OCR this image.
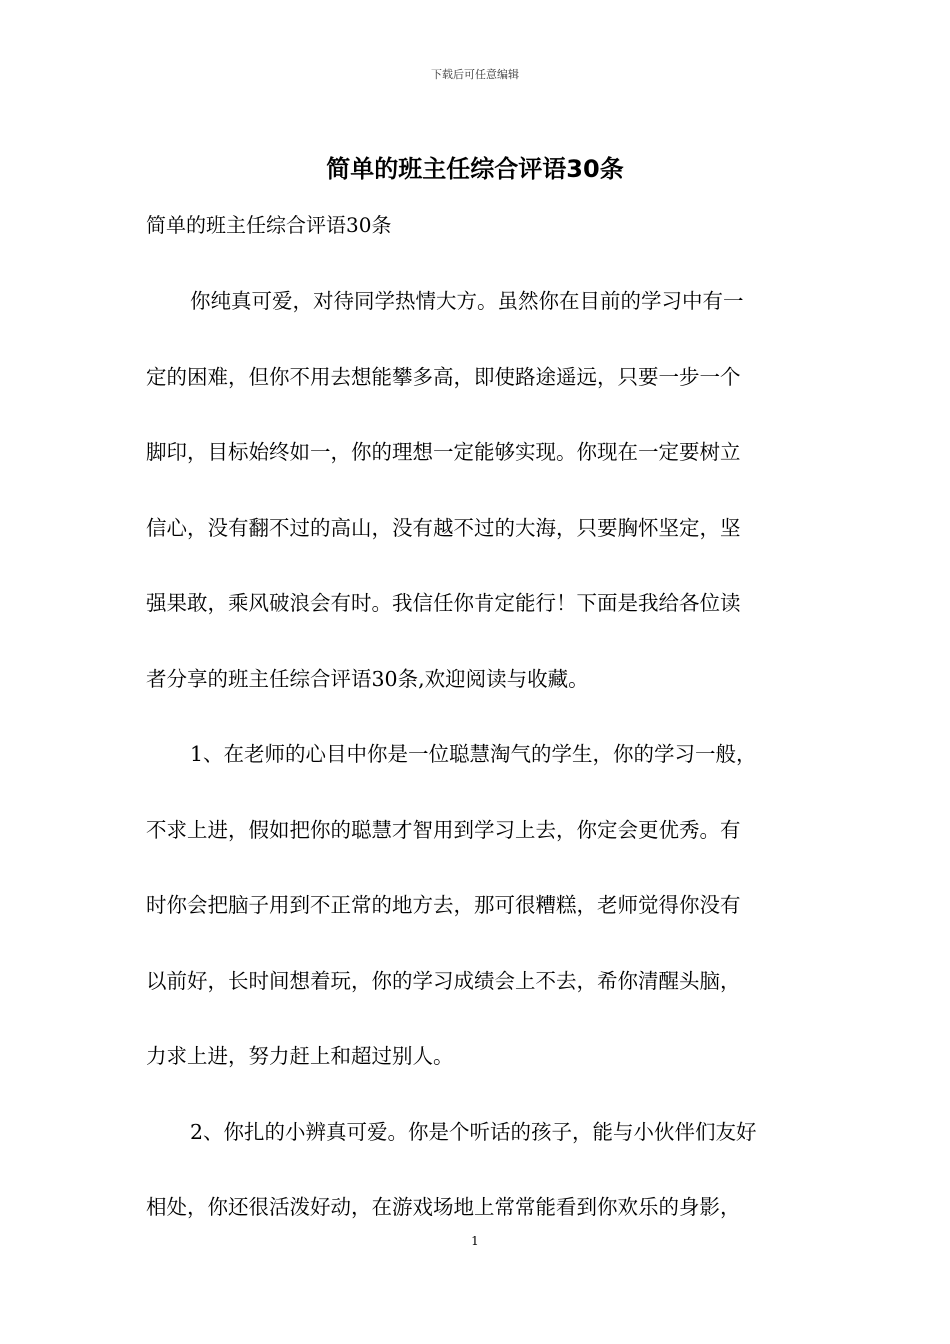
下载后可任意编辑
简单的班主任综合评语30条
简单的班主任综合评语30条
你纯真可爱，对待同学热情大方。虽然你在目前的学习中有一
定的困难，但你不用去想能攀多高，即使路途遥远，只要一步一个
脚印，目标始终如一，你的理想一定能够实现。你现在一定要树立
信心，没有翻不过的高山，没有越不过的大海，只要胸怀坚定，坚
强果敢，乘风破浪会有时。我信任你肯定能行！下面是我给各位读
者分享的班主任综合评语30条,欢迎阅读与收藏。
1、在老师的心目中你是一位聪慧淘气的学生，你的学习一般，
不求上进，假如把你的聪慧才智用到学习上去，你定会更优秀。有
时你会把脑子用到不正常的地方去，那可很糟糕，老师觉得你没有
以前好，长时间想着玩，你的学习成绩会上不去，希你清醒头脑，
力求上进，努力赶上和超过别人。
2、你扎的小辨真可爱。你是个听话的孩子，能与小伙伴们友好
相处，你还很活泼好动，在游戏场地上常常能看到你欢乐的身影，
1
